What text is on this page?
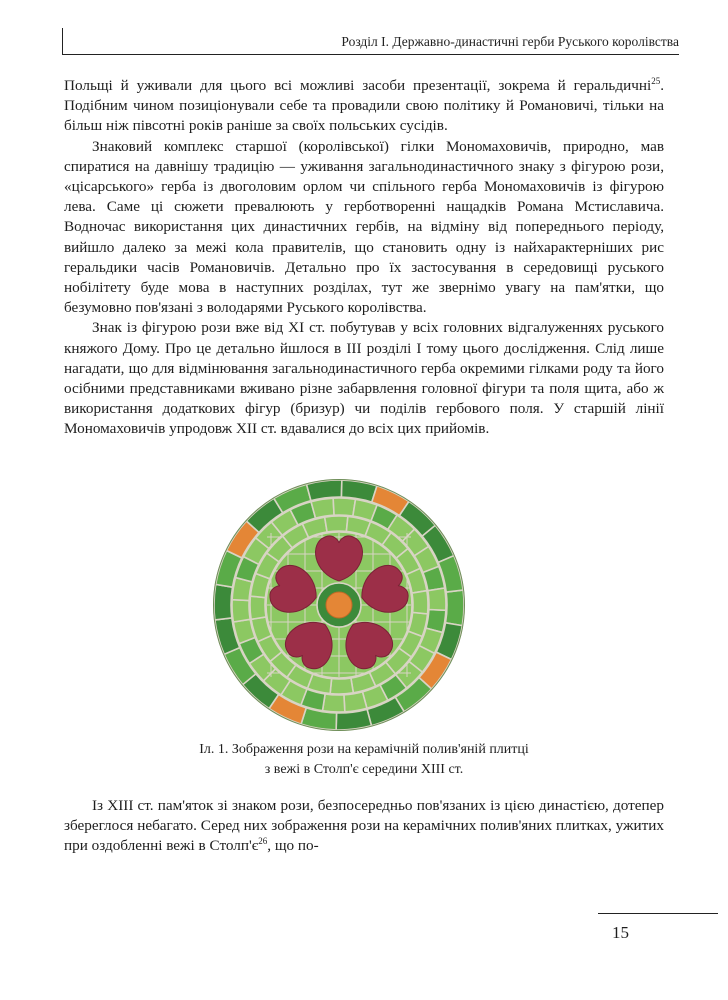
Розділ І. Державно-династичні герби Руського королівства

Польщі й уживали для цього всі можливі засоби презентації, зокрема й геральдичні$^{25}$. Подібним чином позиціонували себе та провадили свою політику й Романовичі, тільки на більш ніж півсотні років раніше за своїх польських сусідів.

Знаковий комплекс старшої (королівської) гілки Мономаховичів, природно, мав спиратися на давнішу традицію — уживання загальнодинастичного знаку з фігурою рози, «цісарського» герба із двоголовим орлом чи спільного герба Мономаховичів із фігурою лева. Саме ці сюжети превалюють у герботворенні нащадків Романа Мстиславича. Водночас використання цих династичних гербів, на відміну від попереднього періоду, вийшло далеко за межі кола правителів, що становить одну із найхарактерніших рис геральдики часів Романовичів. Детально про їх застосування в середовищі руського нобілітету буде мова в наступних розділах, тут же звернімо увагу на пам'ятки, що безумовно пов'язані з володарями Руського королівства.

Знак із фігурою рози вже від XI ст. побутував у всіх головних відгалуженнях руського княжого Дому. Про це детально йшлося в ІІІ розділі І тому цього дослідження. Слід лише нагадати, що для відмінювання загальнодинастичного герба окремими гілками роду та його осібними представниками вживано різне забарвлення головної фігури та поля щита, або ж використання додаткових фігур (бризур) чи поділів гербового поля. У старшій лінії Мономаховичів упродовж XII ст. вдавалися до всіх цих прийомів.

Іл. 1. Зображення рози на керамічній полив'яній плитці
з вежі в Столп'є середини XIII ст.

Із XIII ст. пам'яток зі знаком рози, безпосередньо пов'язаних із цією династією, дотепер збереглося небагато. Серед них зображення рози на керамічних полив'яних плитках, ужитих при оздобленні вежі в $Столп'є^{26}$, що по-

15
